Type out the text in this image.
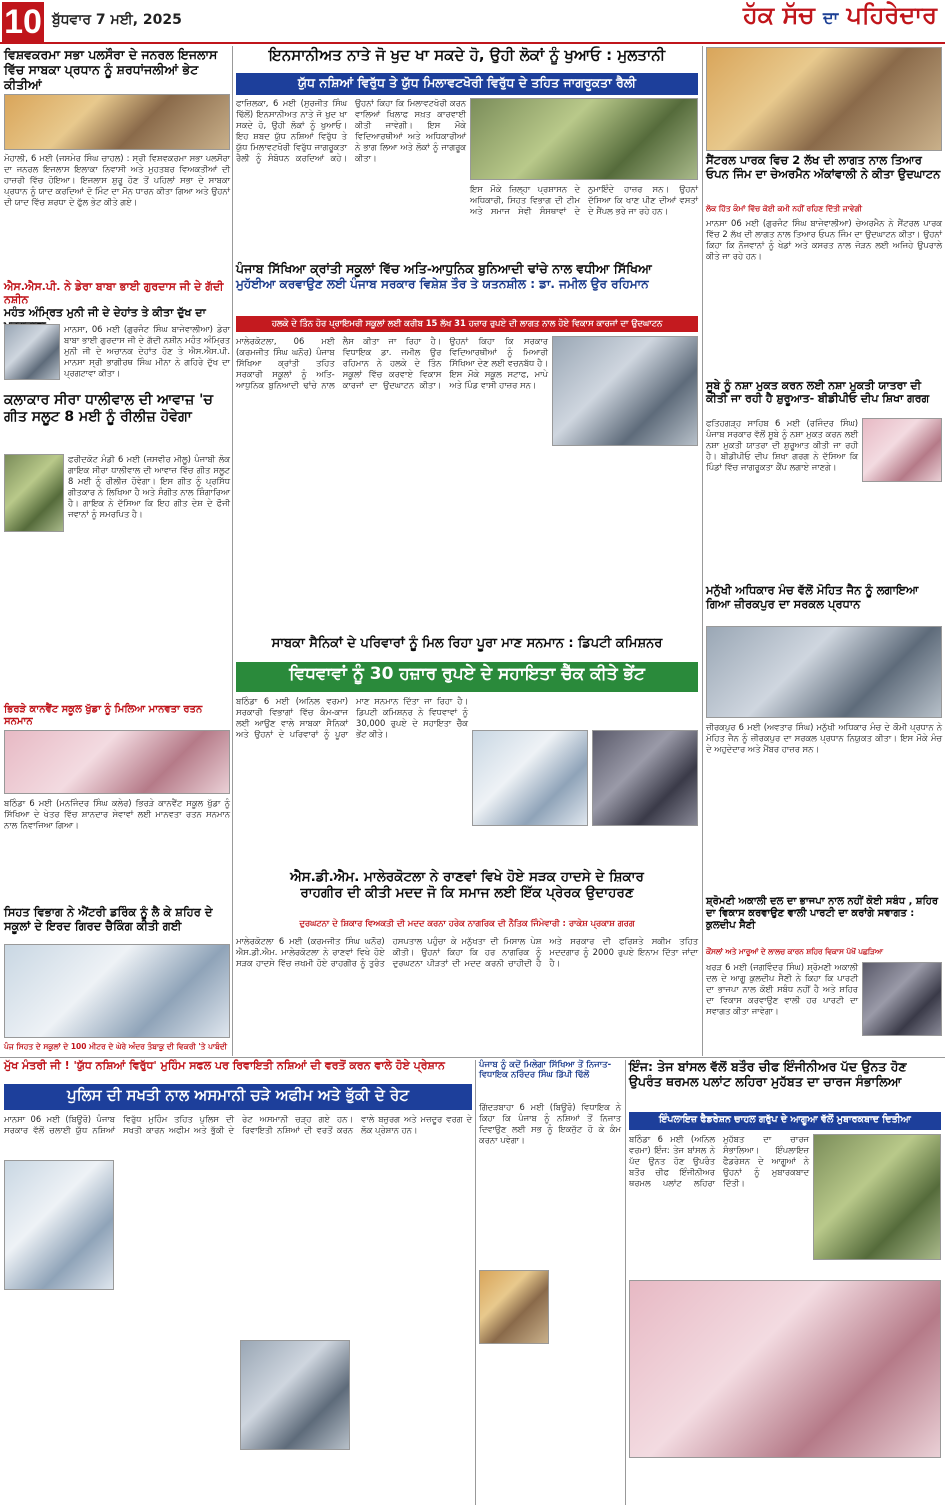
10 ਬੁੱਧਵਾਰ 7 ਮਈ, 2025	ਹੱਕ ਸੱਚ ਦਾ ਪਹਿਰੇਦਾਰ
ਵਿਸ਼ਵਕਰਮਾ ਸਭਾ ਪਲਸੌਰਾ ਦੇ ਜਨਰਲ ਇਜਲਾਸ ਵਿੱਚ ਸਾਬਕਾ ਪ੍ਰਧਾਨ ਨੂੰ ਸ਼ਰਧਾਂਜਲੀਆਂ ਭੇਟ ਕੀਤੀਆਂ
ਮੋਹਾਲੀ, 6 ਮਈ (ਜਸਮੇਰ ਸਿੰਘ ਚਾਹਲ) : ਸ੍ਰੀ ਵਿਸ਼ਵਕਰਮਾ ਸਭਾ ਪਲਸੌਰਾ ਦਾ ਜਨਰਲ ਇਜਲਾਸ ਇਲਾਕਾ ਨਿਵਾਸੀ ਅਤੇ ਮੁਹਤਬਰ ਵਿਅਕਤੀਆਂ ਦੀ ਹਾਜ਼ਰੀ ਵਿੱਚ ਹੋਇਆ। ਇਜਲਾਸ ਸ਼ੁਰੂ ਹੋਣ ਤੋਂ ਪਹਿਲਾਂ ਸਭਾ ਦੇ ਸਾਬਕਾ ਪ੍ਰਧਾਨ ਨੂੰ ਯਾਦ ਕਰਦਿਆਂ ਦੋ ਮਿੰਟ ਦਾ ਮੌਨ ਧਾਰਨ ਕੀਤਾ ਗਿਆ ਅਤੇ ਉਹਨਾਂ ਦੀ ਯਾਦ ਵਿੱਚ ਸ਼ਰਧਾ ਦੇ ਫੁੱਲ ਭੇਟ ਕੀਤੇ ਗਏ।
ਐਸ.ਐਸ.ਪੀ. ਨੇ ਡੇਰਾ ਬਾਬਾ ਭਾਈ ਗੁਰਦਾਸ ਜੀ ਦੇ ਗੱਦੀ ਨਸ਼ੀਨ
ਮਹੰਤ ਅੰਮ੍ਰਿਤ ਮੁਨੀ ਜੀ ਦੇ ਦੇਹਾਂਤ ਤੇ ਕੀਤਾ ਦੁੱਖ ਦਾ
ਮਾਨਸਾ, 06 ਮਈ (ਗੁਰਜੰਟ ਸਿੰਘ ਬਾਜੇਵਾਲੀਆ) ਡੇਰਾ ਬਾਬਾ ਭਾਈ ਗੁਰਦਾਸ ਜੀ ਦੇ ਗੱਦੀ ਨਸ਼ੀਨ ਮਹੰਤ ਅੰਮ੍ਰਿਤ ਮੁਨੀ ਜੀ ਦੇ ਅਚਾਨਕ ਦੇਹਾਂਤ ਹੋਣ ਤੇ ਐਸ.ਐਸ.ਪੀ. ਮਾਨਸਾ ਸ੍ਰੀ ਭਾਗੀਰਥ ਸਿੰਘ ਮੀਨਾ ਨੇ ਗਹਿਰੇ ਦੁੱਖ ਦਾ ਪ੍ਰਗਟਾਵਾ ਕੀਤਾ।
ਕਲਾਕਾਰ ਸੀਰਾ ਧਾਲੀਵਾਲ ਦੀ ਆਵਾਜ਼ 'ਚ ਗੀਤ ਸਲੂਟ 8 ਮਈ ਨੂੰ ਰੀਲੀਜ਼ ਹੋਵੇਗਾ
ਫਰੀਦਕੋਟ ਮੰਡੀ 6 ਮਈ (ਜਸਵੀਰ ਮੀਲੂ) ਪੰਜਾਬੀ ਲੋਕ ਗਾਇਕ ਸੀਰਾ ਧਾਲੀਵਾਲ ਦੀ ਆਵਾਜ਼ ਵਿੱਚ ਗੀਤ ਸਲੂਟ 8 ਮਈ ਨੂੰ ਰੀਲੀਜ਼ ਹੋਵੇਗਾ। ਇਸ ਗੀਤ ਨੂੰ ਪ੍ਰਸਿੱਧ ਗੀਤਕਾਰ ਨੇ ਲਿਖਿਆ ਹੈ ਅਤੇ ਸੰਗੀਤ ਨਾਲ ਸ਼ਿੰਗਾਰਿਆ ਹੈ। ਗਾਇਕ ਨੇ ਦੱਸਿਆ ਕਿ ਇਹ ਗੀਤ ਦੇਸ਼ ਦੇ ਫੌਜੀ ਜਵਾਨਾਂ ਨੂੰ ਸਮਰਪਿਤ ਹੈ।
ਭਿਰੜੇ ਕਾਨਵੈਂਟ ਸਕੂਲ ਖੁੱਡਾ ਨੂੰ ਮਿਲਿਆ ਮਾਨਵਤਾ ਰਤਨ ਸਨਮਾਨ
ਬਠਿੰਡਾ 6 ਮਈ (ਮਨਜਿੰਦਰ ਸਿੰਘ ਕਲੇਰ) ਭਿਰੜੇ ਕਾਨਵੈਂਟ ਸਕੂਲ ਖੁੱਡਾ ਨੂੰ ਸਿੱਖਿਆ ਦੇ ਖੇਤਰ ਵਿੱਚ ਸ਼ਾਨਦਾਰ ਸੇਵਾਵਾਂ ਲਈ ਮਾਨਵਤਾ ਰਤਨ ਸਨਮਾਨ ਨਾਲ ਨਿਵਾਜਿਆ ਗਿਆ।
ਸਿਹਤ ਵਿਭਾਗ ਨੇ ਐਂਟਰੀ ਡਰਿੰਕ ਨੂੰ ਲੈ ਕੇ ਸ਼ਹਿਰ ਦੇ ਸਕੂਲਾਂ ਦੇ ਇਰਦ ਗਿਰਦ ਚੈਕਿੰਗ ਕੀਤੀ ਗਈ
ਪੰਜ ਸਿਹਤ ਦੇ ਸਕੂਲਾਂ ਦੇ 100 ਮੀਟਰ ਦੇ ਘੇਰੇ ਅੰਦਰ ਤੰਬਾਕੂ ਦੀ ਵਿਕਰੀ 'ਤੇ ਪਾਬੰਦੀ
ਇਨਸਾਨੀਅਤ ਨਾਤੇ ਜੋ ਖੁਦ ਖਾ ਸਕਦੇ ਹੋ, ਉਹੀ ਲੋਕਾਂ ਨੂੰ ਖੁਆਓ : ਮੁਲਤਾਨੀ
ਯੁੱਧ ਨਸ਼ਿਆਂ ਵਿਰੁੱਧ ਤੇ ਯੁੱਧ ਮਿਲਾਵਟਖੋਰੀ ਵਿਰੁੱਧ ਦੇ ਤਹਿਤ ਜਾਗਰੂਕਤਾ ਰੈਲੀ
ਫਾਜ਼ਿਲਕਾ, 6 ਮਈ (ਸੁਰਜੀਤ ਸਿੰਘ ਢਿੱਲੋਂ) ਇਨਸਾਨੀਅਤ ਨਾਤੇ ਜੋ ਖੁਦ ਖਾ ਸਕਦੇ ਹੋ, ਉਹੀ ਲੋਕਾਂ ਨੂੰ ਖੁਆਓ। ਇਹ ਸ਼ਬਦ ਯੁੱਧ ਨਸ਼ਿਆਂ ਵਿਰੁੱਧ ਤੇ ਯੁੱਧ ਮਿਲਾਵਟਖੋਰੀ ਵਿਰੁੱਧ ਜਾਗਰੂਕਤਾ ਰੈਲੀ ਨੂੰ ਸੰਬੋਧਨ ਕਰਦਿਆਂ ਕਹੇ। ਉਹਨਾਂ ਕਿਹਾ ਕਿ ਮਿਲਾਵਟਖੋਰੀ ਕਰਨ ਵਾਲਿਆਂ ਖਿਲਾਫ ਸਖ਼ਤ ਕਾਰਵਾਈ ਕੀਤੀ ਜਾਵੇਗੀ। ਇਸ ਮੌਕੇ ਵਿਦਿਆਰਥੀਆਂ ਅਤੇ ਅਧਿਕਾਰੀਆਂ ਨੇ ਭਾਗ ਲਿਆ ਅਤੇ ਲੋਕਾਂ ਨੂੰ ਜਾਗਰੂਕ ਕੀਤਾ।
ਇਸ ਮੌਕੇ ਜ਼ਿਲ੍ਹਾ ਪ੍ਰਸ਼ਾਸਨ ਦੇ ਅਧਿਕਾਰੀ, ਸਿਹਤ ਵਿਭਾਗ ਦੀ ਟੀਮ ਅਤੇ ਸਮਾਜ ਸੇਵੀ ਸੰਸਥਾਵਾਂ ਦੇ ਨੁਮਾਇੰਦੇ ਹਾਜ਼ਰ ਸਨ। ਉਹਨਾਂ ਦੱਸਿਆ ਕਿ ਖਾਣ ਪੀਣ ਦੀਆਂ ਵਸਤਾਂ ਦੇ ਸੈਂਪਲ ਭਰੇ ਜਾ ਰਹੇ ਹਨ।
ਪੰਜਾਬ ਸਿੱਖਿਆ ਕ੍ਰਾਂਤੀ ਸਕੂਲਾਂ ਵਿੱਚ ਅਤਿ-ਆਧੁਨਿਕ ਬੁਨਿਆਦੀ ਢਾਂਚੇ ਨਾਲ ਵਧੀਆ ਸਿੱਖਿਆ
ਮੁਹੱਈਆ ਕਰਵਾਉਣ ਲਈ ਪੰਜਾਬ ਸਰਕਾਰ ਵਿਸ਼ੇਸ਼ ਤੌਰ ਤੇ ਯਤਨਸ਼ੀਲ : ਡਾ. ਜਮੀਲ ਉਰ ਰਹਿਮਾਨ
ਹਲਕੇ ਦੇ ਤਿੰਨ ਹੋਰ ਪ੍ਰਾਇਮਰੀ ਸਕੂਲਾਂ ਲਈ ਕਰੀਬ 15 ਲੱਖ 31 ਹਜ਼ਾਰ ਰੁਪਏ ਦੀ ਲਾਗਤ ਨਾਲ ਹੋਏ ਵਿਕਾਸ ਕਾਰਜਾਂ ਦਾ ਉਦਘਾਟਨ
ਮਾਲੇਰਕੋਟਲਾ, 06 ਮਈ (ਕਰਮਜੀਤ ਸਿੰਘ ਘਨੌਰ) ਪੰਜਾਬ ਸਿੱਖਿਆ ਕ੍ਰਾਂਤੀ ਤਹਿਤ ਸਰਕਾਰੀ ਸਕੂਲਾਂ ਨੂੰ ਅਤਿ-ਆਧੁਨਿਕ ਬੁਨਿਆਦੀ ਢਾਂਚੇ ਨਾਲ ਲੈਸ ਕੀਤਾ ਜਾ ਰਿਹਾ ਹੈ। ਵਿਧਾਇਕ ਡਾ. ਜਮੀਲ ਉਰ ਰਹਿਮਾਨ ਨੇ ਹਲਕੇ ਦੇ ਤਿੰਨ ਸਕੂਲਾਂ ਵਿੱਚ ਕਰਵਾਏ ਵਿਕਾਸ ਕਾਰਜਾਂ ਦਾ ਉਦਘਾਟਨ ਕੀਤਾ। ਉਹਨਾਂ ਕਿਹਾ ਕਿ ਸਰਕਾਰ ਵਿਦਿਆਰਥੀਆਂ ਨੂੰ ਮਿਆਰੀ ਸਿੱਖਿਆ ਦੇਣ ਲਈ ਵਚਨਬੱਧ ਹੈ। ਇਸ ਮੌਕੇ ਸਕੂਲ ਸਟਾਫ, ਮਾਪੇ ਅਤੇ ਪਿੰਡ ਵਾਸੀ ਹਾਜ਼ਰ ਸਨ।
ਸਾਬਕਾ ਸੈਨਿਕਾਂ ਦੇ ਪਰਿਵਾਰਾਂ ਨੂੰ ਮਿਲ ਰਿਹਾ ਪੂਰਾ ਮਾਣ ਸਨਮਾਨ : ਡਿਪਟੀ ਕਮਿਸ਼ਨਰ
ਵਿਧਵਾਵਾਂ ਨੂੰ 30 ਹਜ਼ਾਰ ਰੁਪਏ ਦੇ ਸਹਾਇਤਾ ਚੈੱਕ ਕੀਤੇ ਭੇਂਟ
ਬਠਿੰਡਾ 6 ਮਈ (ਅਨਿਲ ਵਰਮਾ) ਸਰਕਾਰੀ ਵਿਭਾਗਾਂ ਵਿੱਚ ਕੰਮ-ਕਾਜ ਲਈ ਆਉਣ ਵਾਲੇ ਸਾਬਕਾ ਸੈਨਿਕਾਂ ਅਤੇ ਉਹਨਾਂ ਦੇ ਪਰਿਵਾਰਾਂ ਨੂੰ ਪੂਰਾ ਮਾਣ ਸਨਮਾਨ ਦਿੱਤਾ ਜਾ ਰਿਹਾ ਹੈ। ਡਿਪਟੀ ਕਮਿਸ਼ਨਰ ਨੇ ਵਿਧਵਾਵਾਂ ਨੂੰ 30,000 ਰੁਪਏ ਦੇ ਸਹਾਇਤਾ ਚੈੱਕ ਭੇਂਟ ਕੀਤੇ।
ਐਸ.ਡੀ.ਐਮ. ਮਾਲੇਰਕੋਟਲਾ ਨੇ ਰਾਣਵਾਂ ਵਿਖੇ ਹੋਏ ਸੜਕ ਹਾਦਸੇ ਦੇ ਸ਼ਿਕਾਰ
ਰਾਹਗੀਰ ਦੀ ਕੀਤੀ ਮਦਦ ਜੋ ਕਿ ਸਮਾਜ ਲਈ ਇੱਕ ਪ੍ਰੇਰਕ ਉਦਾਹਰਣ
ਦੁਰਘਟਨਾ ਦੇ ਸ਼ਿਕਾਰ ਵਿਅਕਤੀ ਦੀ ਮਦਦ ਕਰਨਾ ਹਰੇਕ ਨਾਗਰਿਕ ਦੀ ਨੈਤਿਕ ਜਿੰਮੇਵਾਰੀ : ਰਾਕੇਸ਼ ਪ੍ਰਕਾਸ਼ ਗਰਗ
ਮਾਲੇਰਕੋਟਲਾ 6 ਮਈ (ਕਰਮਜੀਤ ਸਿੰਘ ਘਨੌਰ) ਐਸ.ਡੀ.ਐਮ. ਮਾਲੇਰਕੋਟਲਾ ਨੇ ਰਾਣਵਾਂ ਵਿਖੇ ਹੋਏ ਸੜਕ ਹਾਦਸੇ ਵਿੱਚ ਜ਼ਖਮੀ ਹੋਏ ਰਾਹਗੀਰ ਨੂੰ ਤੁਰੰਤ ਹਸਪਤਾਲ ਪਹੁੰਚਾ ਕੇ ਮਨੁੱਖਤਾ ਦੀ ਮਿਸਾਲ ਪੇਸ਼ ਕੀਤੀ। ਉਹਨਾਂ ਕਿਹਾ ਕਿ ਹਰ ਨਾਗਰਿਕ ਨੂੰ ਦੁਰਘਟਨਾ ਪੀੜਤਾਂ ਦੀ ਮਦਦ ਕਰਨੀ ਚਾਹੀਦੀ ਹੈ ਅਤੇ ਸਰਕਾਰ ਦੀ ਫਰਿਸ਼ਤੇ ਸਕੀਮ ਤਹਿਤ ਮਦਦਗਾਰ ਨੂੰ 2000 ਰੁਪਏ ਇਨਾਮ ਦਿੱਤਾ ਜਾਂਦਾ ਹੈ।
ਸੈਂਟਰਲ ਪਾਰਕ ਵਿਚ 2 ਲੱਖ ਦੀ ਲਾਗਤ ਨਾਲ ਤਿਆਰ ਓਪਨ ਜਿੰਮ ਦਾ ਚੇਅਰਮੈਨ ਅੱਕਾਂਵਾਲੀ ਨੇ ਕੀਤਾ ਉਦਘਾਟਨ
ਲੋਕ ਹਿੱਤ ਕੰਮਾਂ ਵਿੱਚ ਕੋਈ ਕਮੀ ਨਹੀਂ ਰਹਿਣ ਦਿੱਤੀ ਜਾਵੇਗੀ
ਮਾਨਸਾ 06 ਮਈ (ਗੁਰਜੰਟ ਸਿੰਘ ਬਾਜੇਵਾਲੀਆ) ਚੇਅਰਮੈਨ ਨੇ ਸੈਂਟਰਲ ਪਾਰਕ ਵਿੱਚ 2 ਲੱਖ ਦੀ ਲਾਗਤ ਨਾਲ ਤਿਆਰ ਓਪਨ ਜਿੰਮ ਦਾ ਉਦਘਾਟਨ ਕੀਤਾ। ਉਹਨਾਂ ਕਿਹਾ ਕਿ ਨੌਜਵਾਨਾਂ ਨੂੰ ਖੇਡਾਂ ਅਤੇ ਕਸਰਤ ਨਾਲ ਜੋੜਨ ਲਈ ਅਜਿਹੇ ਉਪਰਾਲੇ ਕੀਤੇ ਜਾ ਰਹੇ ਹਨ।
ਸੂਬੇ ਨੂੰ ਨਸ਼ਾ ਮੁਕਤ ਕਰਨ ਲਈ ਨਸ਼ਾ ਮੁਕਤੀ ਯਾਤਰਾ ਦੀ ਕੀਤੀ ਜਾ ਰਹੀ ਹੈ ਸ਼ੁਰੂਆਤ- ਬੀਡੀਪੀਓ ਦੀਪ ਸ਼ਿਖਾ ਗਰਗ
ਫਤਿਹਗੜ੍ਹ ਸਾਹਿਬ 6 ਮਈ (ਰਜਿੰਦਰ ਸਿੰਘ) ਪੰਜਾਬ ਸਰਕਾਰ ਵੱਲੋਂ ਸੂਬੇ ਨੂੰ ਨਸ਼ਾ ਮੁਕਤ ਕਰਨ ਲਈ ਨਸ਼ਾ ਮੁਕਤੀ ਯਾਤਰਾ ਦੀ ਸ਼ੁਰੂਆਤ ਕੀਤੀ ਜਾ ਰਹੀ ਹੈ। ਬੀਡੀਪੀਓ ਦੀਪ ਸ਼ਿਖਾ ਗਰਗ ਨੇ ਦੱਸਿਆ ਕਿ ਪਿੰਡਾਂ ਵਿੱਚ ਜਾਗਰੂਕਤਾ ਕੈਂਪ ਲਗਾਏ ਜਾਣਗੇ।
ਮਨੁੱਖੀ ਅਧਿਕਾਰ ਮੰਚ ਵੱਲੋਂ ਮੋਹਿਤ ਜੈਨ ਨੂੰ ਲਗਾਇਆ ਗਿਆ ਜ਼ੀਰਕਪੁਰ ਦਾ ਸਰਕਲ ਪ੍ਰਧਾਨ
ਜ਼ੀਰਕਪੁਰ 6 ਮਈ (ਅਵਤਾਰ ਸਿੰਘ) ਮਨੁੱਖੀ ਅਧਿਕਾਰ ਮੰਚ ਦੇ ਕੌਮੀ ਪ੍ਰਧਾਨ ਨੇ ਮੋਹਿਤ ਜੈਨ ਨੂੰ ਜ਼ੀਰਕਪੁਰ ਦਾ ਸਰਕਲ ਪ੍ਰਧਾਨ ਨਿਯੁਕਤ ਕੀਤਾ। ਇਸ ਮੌਕੇ ਮੰਚ ਦੇ ਅਹੁਦੇਦਾਰ ਅਤੇ ਮੈਂਬਰ ਹਾਜ਼ਰ ਸਨ।
ਸ਼੍ਰੋਮਣੀ ਅਕਾਲੀ ਦਲ ਦਾ ਭਾਜਪਾ ਨਾਲ ਨਹੀਂ ਕੋਈ ਸਬੰਧ , ਸ਼ਹਿਰ ਦਾ ਵਿਕਾਸ ਕਰਵਾਉਣ ਵਾਲੀ ਪਾਰਟੀ ਦਾ ਕਰਾਂਗੇ ਸਵਾਗਤ : ਕੁਲਦੀਪ ਸੈਣੀ
ਕੌਂਸਲਾਂ ਅਤੇ ਮਾਰੂਆਂ ਦੇ ਲਾਲਚ ਕਾਰਨ ਸ਼ਹਿਰ ਵਿਕਾਸ ਪੱਖੋਂ ਪਛੜਿਆ
ਖਰੜ 6 ਮਈ (ਜਗਵਿੰਦਰ ਸਿੰਘ) ਸ਼੍ਰੋਮਣੀ ਅਕਾਲੀ ਦਲ ਦੇ ਆਗੂ ਕੁਲਦੀਪ ਸੈਣੀ ਨੇ ਕਿਹਾ ਕਿ ਪਾਰਟੀ ਦਾ ਭਾਜਪਾ ਨਾਲ ਕੋਈ ਸਬੰਧ ਨਹੀਂ ਹੈ ਅਤੇ ਸ਼ਹਿਰ ਦਾ ਵਿਕਾਸ ਕਰਵਾਉਣ ਵਾਲੀ ਹਰ ਪਾਰਟੀ ਦਾ ਸਵਾਗਤ ਕੀਤਾ ਜਾਵੇਗਾ।
ਮੁੱਖ ਮੰਤਰੀ ਜੀ ! 'ਯੁੱਧ ਨਸ਼ਿਆਂ ਵਿਰੁੱਧ' ਮੁਹਿੰਮ ਸਫਲ ਪਰ ਰਿਵਾਇਤੀ ਨਸ਼ਿਆਂ ਦੀ ਵਰਤੋਂ ਕਰਨ ਵਾਲੇ ਹੋਏ ਪ੍ਰੇਸ਼ਾਨ
ਪੁਲਿਸ ਦੀ ਸਖਤੀ ਨਾਲ ਅਸਮਾਨੀ ਚੜੇ ਅਫੀਮ ਅਤੇ ਭੁੱਕੀ ਦੇ ਰੇਟ
ਮਾਨਸਾ 06 ਮਈ (ਬਿਊਰੋ) ਪੰਜਾਬ ਸਰਕਾਰ ਵੱਲੋਂ ਚਲਾਈ ਯੁੱਧ ਨਸ਼ਿਆਂ ਵਿਰੁੱਧ ਮੁਹਿੰਮ ਤਹਿਤ ਪੁਲਿਸ ਦੀ ਸਖਤੀ ਕਾਰਨ ਅਫੀਮ ਅਤੇ ਭੁੱਕੀ ਦੇ ਰੇਟ ਅਸਮਾਨੀ ਚੜ੍ਹ ਗਏ ਹਨ। ਰਿਵਾਇਤੀ ਨਸ਼ਿਆਂ ਦੀ ਵਰਤੋਂ ਕਰਨ ਵਾਲੇ ਬਜ਼ੁਰਗ ਅਤੇ ਮਜ਼ਦੂਰ ਵਰਗ ਦੇ ਲੋਕ ਪ੍ਰੇਸ਼ਾਨ ਹਨ।
ਪੰਜਾਬ ਨੂੰ ਕਦੋਂ ਮਿਲੇਗਾ ਸਿੱਖਿਆ ਤੋਂ ਨਿਜਾਤ-ਵਿਧਾਇਕ ਨਰਿੰਦਰ ਸਿੰਘ ਡਿੱਪੀ ਢਿੱਲੋਂ
ਗਿੱਦੜਬਾਹਾ 6 ਮਈ (ਬਿਊਰੋ) ਵਿਧਾਇਕ ਨੇ ਕਿਹਾ ਕਿ ਪੰਜਾਬ ਨੂੰ ਨਸ਼ਿਆਂ ਤੋਂ ਨਿਜਾਤ ਦਿਵਾਉਣ ਲਈ ਸਭ ਨੂੰ ਇਕਜੁੱਟ ਹੋ ਕੇ ਕੰਮ ਕਰਨਾ ਪਵੇਗਾ।
ਇੰਜ: ਤੇਜ ਬਾਂਸਲ ਵੱਲੋਂ ਬਤੌਰ ਚੀਫ ਇੰਜੀਨੀਅਰ ਪੱਦ ਉਨਤ ਹੋਣ ਉਪਰੰਤ ਥਰਮਲ ਪਲਾਂਟ ਲਹਿਰਾ ਮੁਹੱਬਤ ਦਾ ਚਾਰਜ ਸੰਭਾਲਿਆ
ਇੰਪਲਾਇਜ਼ ਫੈਡਰੇਸ਼ਨ ਚਾਹਲ ਗਰੁੱਪ ਦੇ ਆਗੂਆ ਵੱਲੋਂ ਮੁਬਾਰਕਬਾਦ ਦਿਤੀਆ
ਬਠਿੰਡਾ 6 ਮਈ (ਅਨਿਲ ਵਰਮਾ) ਇੰਜ: ਤੇਜ ਬਾਂਸਲ ਨੇ ਪੱਦ ਉਨਤ ਹੋਣ ਉਪਰੰਤ ਬਤੌਰ ਚੀਫ ਇੰਜੀਨੀਅਰ ਥਰਮਲ ਪਲਾਂਟ ਲਹਿਰਾ ਮੁਹੱਬਤ ਦਾ ਚਾਰਜ ਸੰਭਾਲਿਆ। ਇੰਪਲਾਇਜ਼ ਫੈਡਰੇਸ਼ਨ ਦੇ ਆਗੂਆਂ ਨੇ ਉਹਨਾਂ ਨੂੰ ਮੁਬਾਰਕਬਾਦ ਦਿੱਤੀ।
